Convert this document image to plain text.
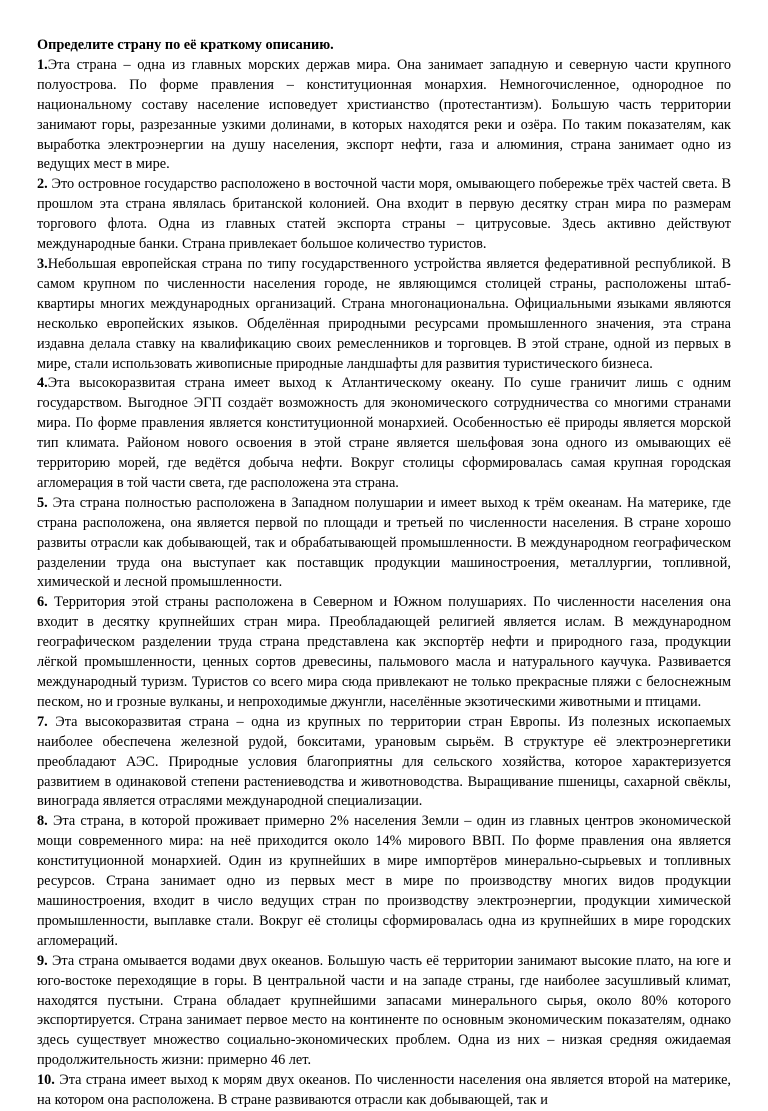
Определите страну по её краткому описанию.

1.Эта страна – одна из главных морских держав мира. Она занимает западную и северную части крупного полуострова. По форме правления – конституционная монархия. Немногочисленное, однородное по национальному составу население исповедует христианство (протестантизм). Большую часть территории занимают горы, разрезанные узкими долинами, в которых находятся реки и озёра. По таким показателям, как выработка электроэнергии на душу населения, экспорт нефти, газа и алюминия, страна занимает одно из ведущих мест в мире.

2. Это островное государство расположено в восточной части моря, омывающего побережье трёх частей света. В прошлом эта страна являлась британской колонией. Она входит в первую десятку стран мира по размерам торгового флота. Одна из главных статей экспорта страны – цитрусовые. Здесь активно действуют международные банки. Страна привлекает большое количество туристов.

3.Небольшая европейская страна по типу государственного устройства является федеративной республикой. В самом крупном по численности населения городе, не являющимся столицей страны, расположены штаб-квартиры многих международных организаций. Страна многонациональна. Официальными языками являются несколько европейских языков. Обделённая природными ресурсами промышленного значения, эта страна издавна делала ставку на квалификацию своих ремесленников и торговцев. В этой стране, одной из первых в мире, стали использовать живописные природные ландшафты для развития туристического бизнеса.

4.Эта высокоразвитая страна имеет выход к Атлантическому океану. По суше граничит лишь с одним государством. Выгодное ЭГП создаёт возможность для экономического сотрудничества со многими странами мира. По форме правления является конституционной монархией. Особенностью её природы является морской тип климата. Районом нового освоения в этой стране является шельфовая зона одного из омывающих её территорию морей, где ведётся добыча нефти. Вокруг столицы сформировалась самая крупная городская агломерация в той части света, где расположена эта страна.

5. Эта страна полностью расположена в Западном полушарии и имеет выход к трём океанам. На материке, где страна расположена, она является первой по площади и третьей по численности населения. В стране хорошо развиты отрасли как добывающей, так и обрабатывающей промышленности. В международном географическом разделении труда она выступает как поставщик продукции машиностроения, металлургии, топливной, химической и лесной промышленности.

6. Территория этой страны расположена в Северном и Южном полушариях. По численности населения она входит в десятку крупнейших стран мира. Преобладающей религией является ислам. В международном географическом разделении труда страна представлена как экспортёр нефти и природного газа, продукции лёгкой промышленности, ценных сортов древесины, пальмового масла и натурального каучука. Развивается международный туризм. Туристов со всего мира сюда привлекают не только прекрасные пляжи с белоснежным песком, но и грозные вулканы, и непроходимые джунгли, населённые экзотическими животными и птицами.

7. Эта высокоразвитая страна – одна из крупных по территории стран Европы. Из полезных ископаемых наиболее обеспечена железной рудой, бокситами, урановым сырьём. В структуре её электроэнергетики преобладают АЭС. Природные условия благоприятны для сельского хозяйства, которое характеризуется развитием в одинаковой степени растениеводства и животноводства. Выращивание пшеницы, сахарной свёклы, винограда является отраслями международной специализации.

8. Эта страна, в которой проживает примерно 2% населения Земли – один из главных центров экономической мощи современного мира: на неё приходится около 14% мирового ВВП. По форме правления она является конституционной монархией. Один из крупнейших в мире импортёров минерально-сырьевых и топливных ресурсов. Страна занимает одно из первых мест в мире по производству многих видов продукции машиностроения, входит в число ведущих стран по производству электроэнергии, продукции химической промышленности, выплавке стали. Вокруг её столицы сформировалась одна из крупнейших в мире городских агломераций.

9. Эта страна омывается водами двух океанов. Большую часть её территории занимают высокие плато, на юге и юго-востоке переходящие в горы. В центральной части и на западе страны, где наиболее засушливый климат, находятся пустыни. Страна обладает крупнейшими запасами минерального сырья, около 80% которого экспортируется. Страна занимает первое место на континенте по основным экономическим показателям, однако здесь существует множество социально-экономических проблем. Одна из них – низкая средняя ожидаемая продолжительность жизни: примерно 46 лет.

10. Эта страна имеет выход к морям двух океанов. По численности населения она является второй на материке, на котором она расположена. В стране развиваются отрасли как добывающей, так и
